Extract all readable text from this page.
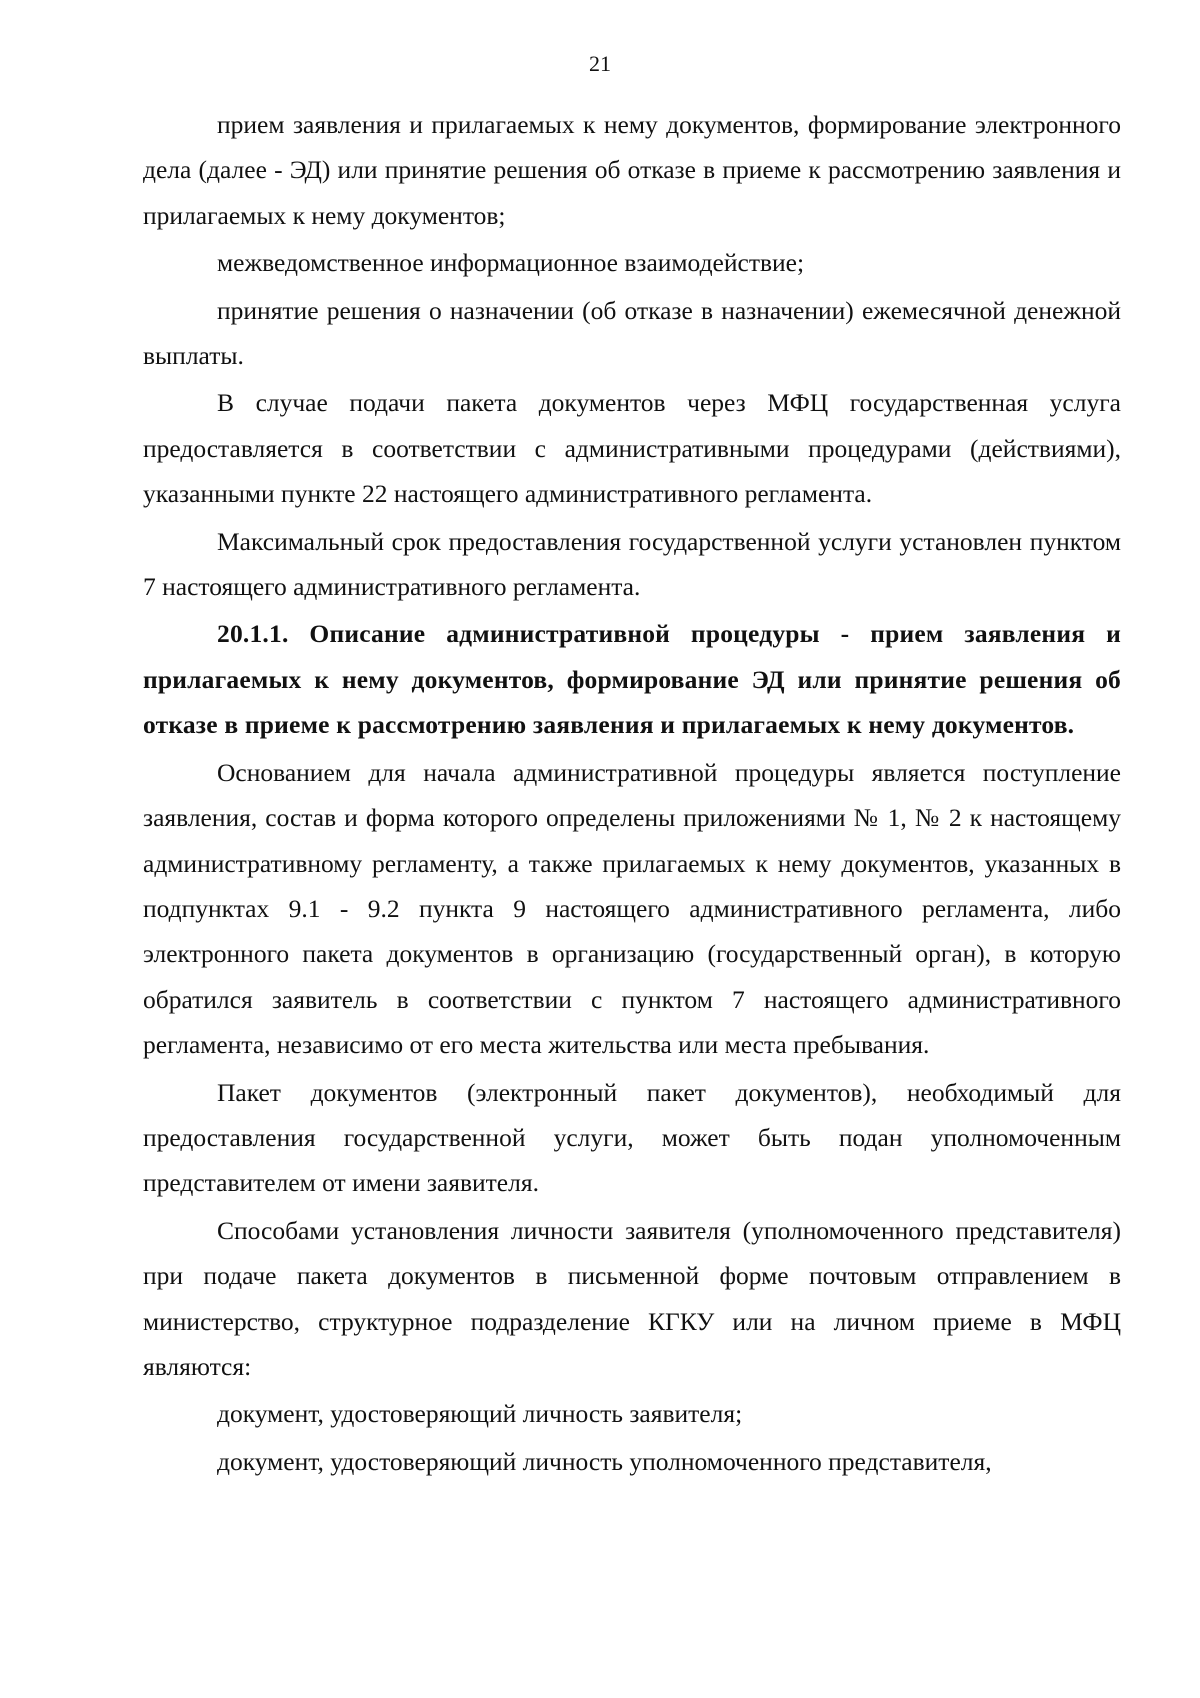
21

прием заявления и прилагаемых к нему документов, формирование электронного дела (далее - ЭД) или принятие решения об отказе в приеме к рассмотрению заявления и прилагаемых к нему документов;

межведомственное информационное взаимодействие;

принятие решения о назначении (об отказе в назначении) ежемесячной денежной выплаты.

В случае подачи пакета документов через МФЦ государственная услуга предоставляется в соответствии с административными процедурами (действиями), указанными пункте 22 настоящего административного регламента.

Максимальный срок предоставления государственной услуги установлен пунктом 7 настоящего административного регламента.

20.1.1. Описание административной процедуры - прием заявления и прилагаемых к нему документов, формирование ЭД или принятие решения об отказе в приеме к рассмотрению заявления и прилагаемых к нему документов.

Основанием для начала административной процедуры является поступление заявления, состав и форма которого определены приложениями № 1, № 2 к настоящему административному регламенту, а также прилагаемых к нему документов, указанных в подпунктах 9.1 - 9.2 пункта 9 настоящего административного регламента, либо электронного пакета документов в организацию (государственный орган), в которую обратился заявитель в соответствии с пунктом 7 настоящего административного регламента, независимо от его места жительства или места пребывания.

Пакет документов (электронный пакет документов), необходимый для предоставления государственной услуги, может быть подан уполномоченным представителем от имени заявителя.

Способами установления личности заявителя (уполномоченного представителя) при подаче пакета документов в письменной форме почтовым отправлением в министерство, структурное подразделение КГКУ или на личном приеме в МФЦ являются:

документ, удостоверяющий личность заявителя;

документ, удостоверяющий личность уполномоченного представителя,
